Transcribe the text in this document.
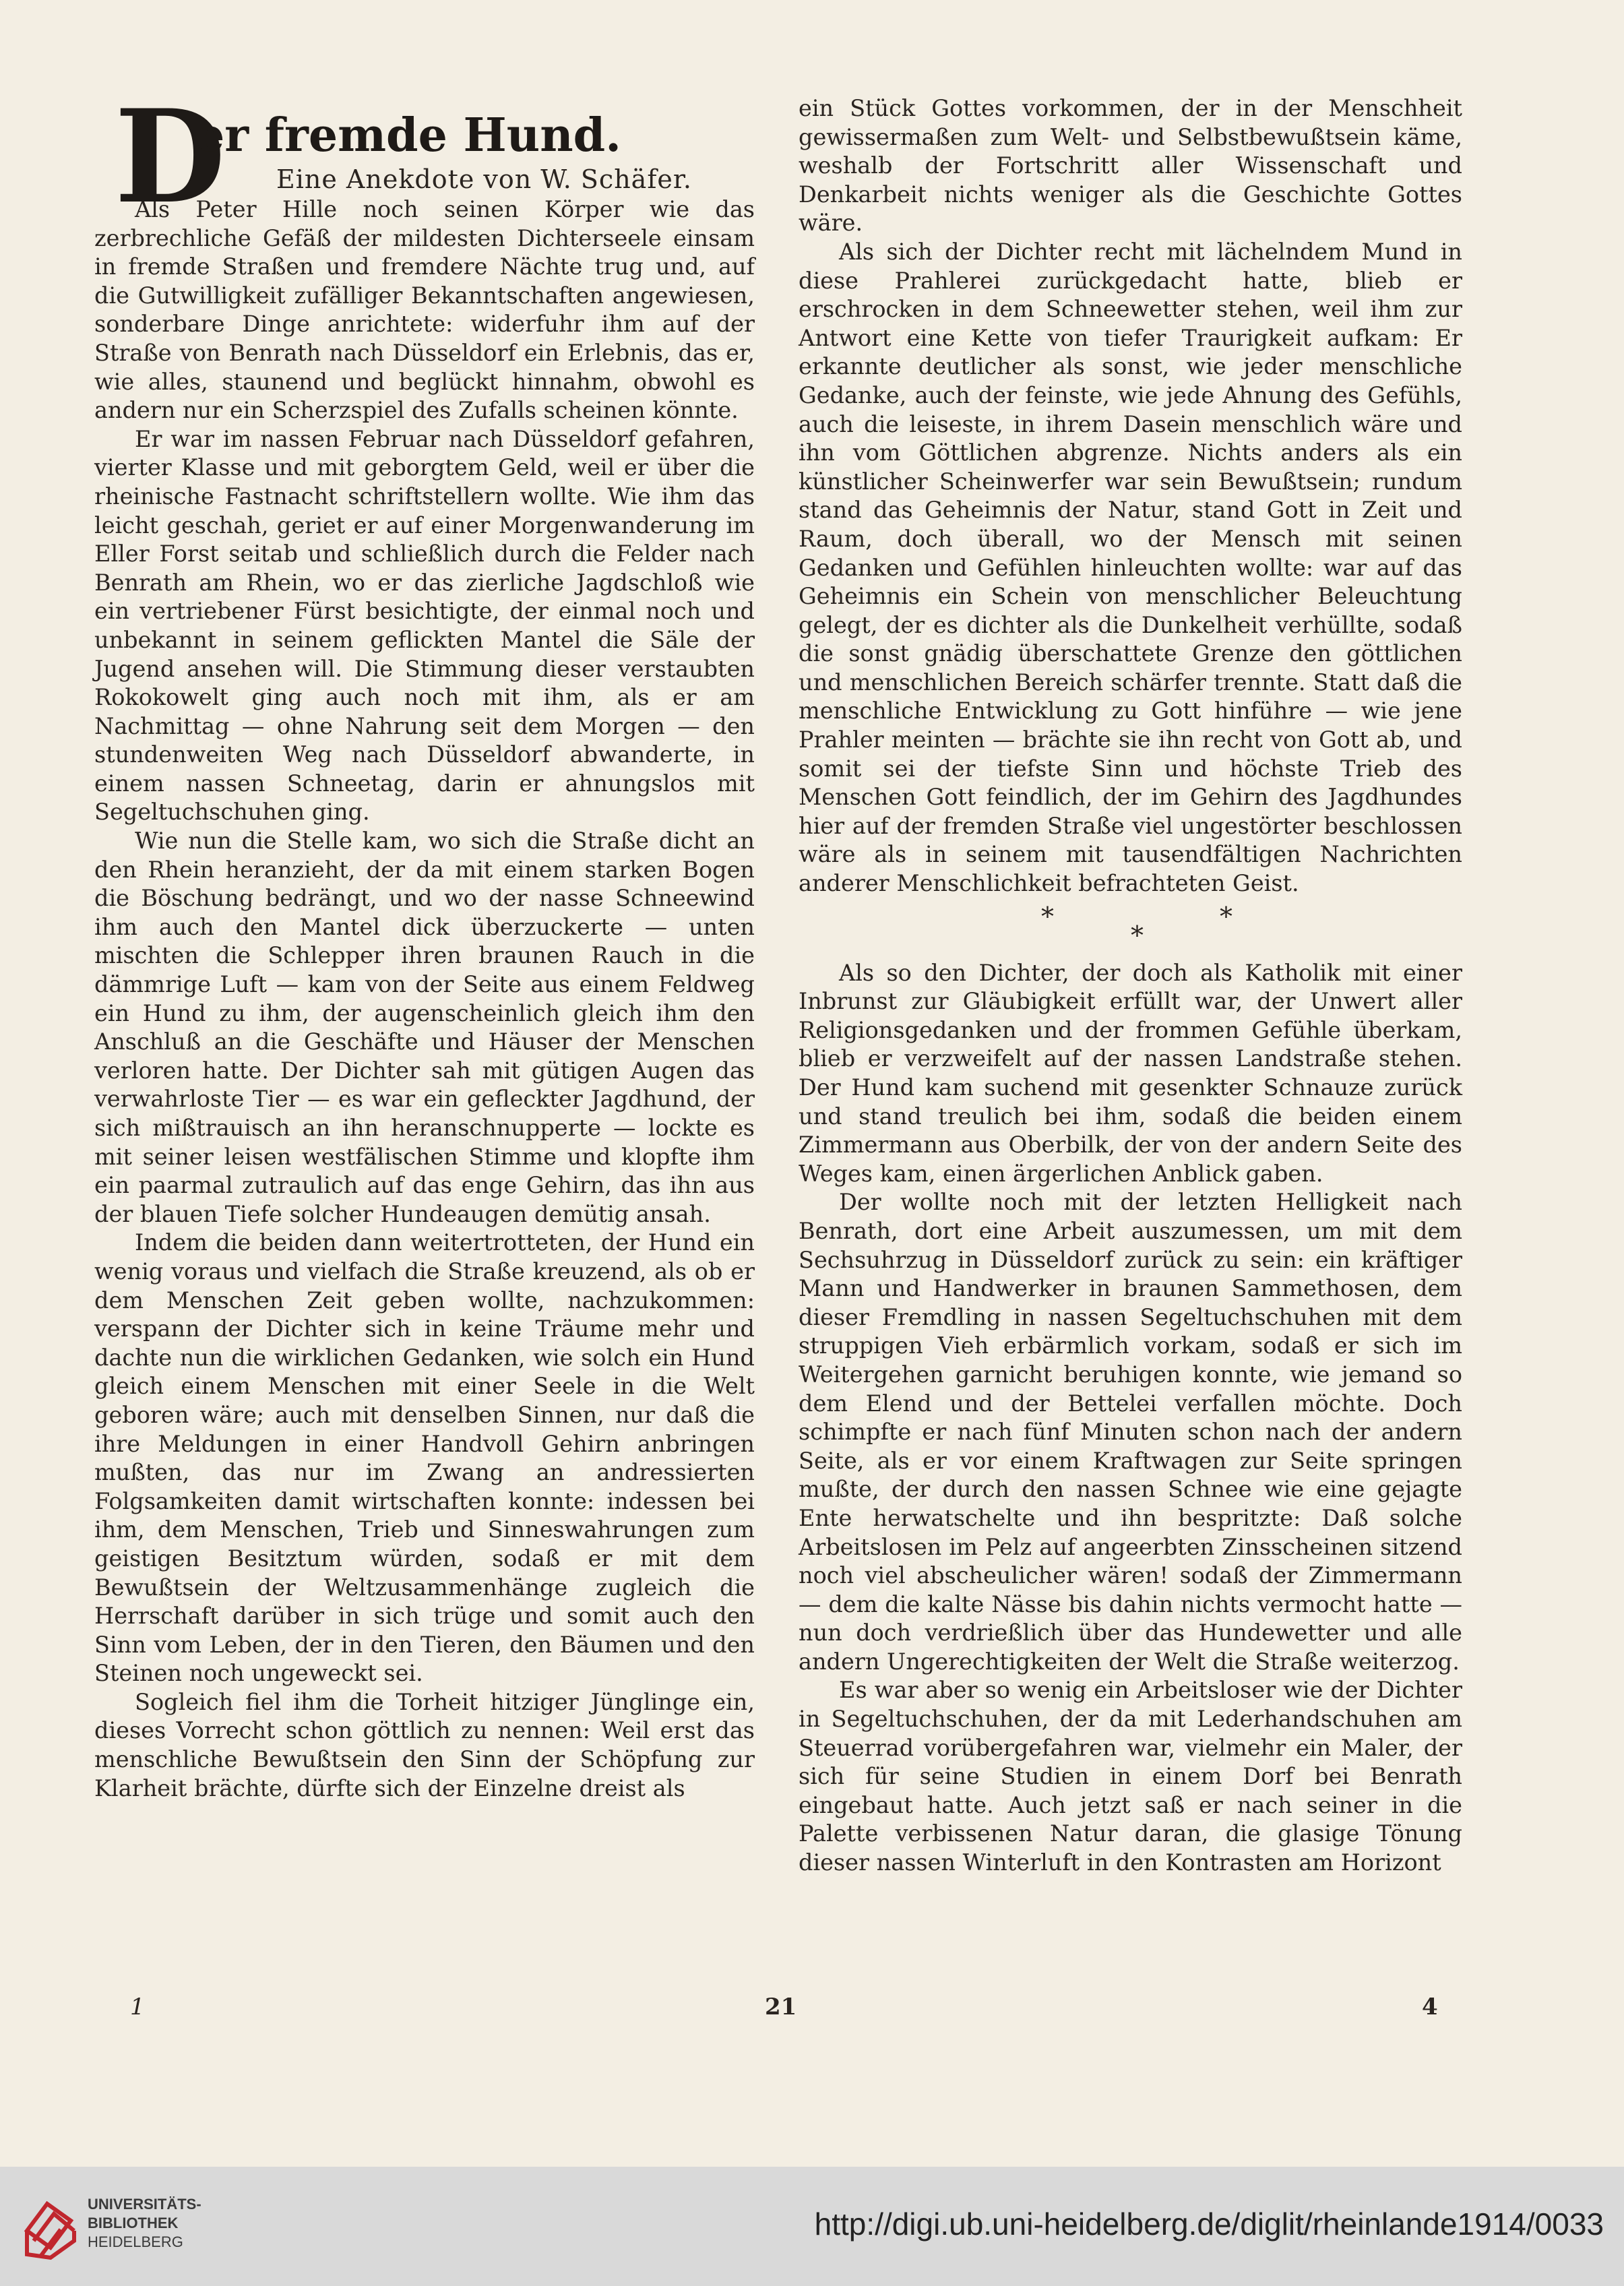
D
er fremde Hund.
Eine Anekdote von W. Schäfer.

Als Peter Hille noch seinen Körper wie das zerbrechliche Gefäß der mildesten Dichterseele einsam in fremde Straßen und fremdere Nächte trug und, auf die Gutwilligkeit zufälliger Bekanntschaften angewiesen, sonderbare Dinge anrichtete: widerfuhr ihm auf der Straße von Benrath nach Düsseldorf ein Erlebnis, das er, wie alles, staunend und beglückt hinnahm, obwohl es andern nur ein Scherzspiel des Zufalls scheinen könnte.

Er war im nassen Februar nach Düsseldorf gefahren, vierter Klasse und mit geborgtem Geld, weil er über die rheinische Fastnacht schriftstellern wollte. Wie ihm das leicht geschah, geriet er auf einer Morgenwanderung im Eller Forst seitab und schließlich durch die Felder nach Benrath am Rhein, wo er das zierliche Jagdschloß wie ein vertriebener Fürst besichtigte, der einmal noch und unbekannt in seinem geflickten Mantel die Säle der Jugend ansehen will. Die Stimmung dieser verstaubten Rokokowelt ging auch noch mit ihm, als er am Nachmittag — ohne Nahrung seit dem Morgen — den stundenweiten Weg nach Düsseldorf abwanderte, in einem nassen Schneetag, darin er ahnungslos mit Segeltuchschuhen ging.

Wie nun die Stelle kam, wo sich die Straße dicht an den Rhein heranzieht, der da mit einem starken Bogen die Böschung bedrängt, und wo der nasse Schneewind ihm auch den Mantel dick überzuckerte — unten mischten die Schlepper ihren braunen Rauch in die dämmrige Luft — kam von der Seite aus einem Feldweg ein Hund zu ihm, der augenscheinlich gleich ihm den Anschluß an die Geschäfte und Häuser der Menschen verloren hatte. Der Dichter sah mit gütigen Augen das verwahrloste Tier — es war ein gefleckter Jagdhund, der sich mißtrauisch an ihn heranschnupperte — lockte es mit seiner leisen westfälischen Stimme und klopfte ihm ein paarmal zutraulich auf das enge Gehirn, das ihn aus der blauen Tiefe solcher Hundeaugen demütig ansah.

Indem die beiden dann weitertrotteten, der Hund ein wenig voraus und vielfach die Straße kreuzend, als ob er dem Menschen Zeit geben wollte, nachzukommen: verspann der Dichter sich in keine Träume mehr und dachte nun die wirklichen Gedanken, wie solch ein Hund gleich einem Menschen mit einer Seele in die Welt geboren wäre; auch mit denselben Sinnen, nur daß die ihre Meldungen in einer Handvoll Gehirn anbringen mußten, das nur im Zwang an andressierten Folgsamkeiten damit wirtschaften konnte: indessen bei ihm, dem Menschen, Trieb und Sinneswahrungen zum geistigen Besitztum würden, sodaß er mit dem Bewußtsein der Weltzusammenhänge zugleich die Herrschaft darüber in sich trüge und somit auch den Sinn vom Leben, der in den Tieren, den Bäumen und den Steinen noch ungeweckt sei.

Sogleich fiel ihm die Torheit hitziger Jünglinge ein, dieses Vorrecht schon göttlich zu nennen: Weil erst das menschliche Bewußtsein den Sinn der Schöpfung zur Klarheit brächte, dürfte sich der Einzelne dreist als

ein Stück Gottes vorkommen, der in der Menschheit gewissermaßen zum Welt- und Selbstbewußtsein käme, weshalb der Fortschritt aller Wissenschaft und Denkarbeit nichts weniger als die Geschichte Gottes wäre.

Als sich der Dichter recht mit lächelndem Mund in diese Prahlerei zurückgedacht hatte, blieb er erschrocken in dem Schneewetter stehen, weil ihm zur Antwort eine Kette von tiefer Traurigkeit aufkam: Er erkannte deutlicher als sonst, wie jeder menschliche Gedanke, auch der feinste, wie jede Ahnung des Gefühls, auch die leiseste, in ihrem Dasein menschlich wäre und ihn vom Göttlichen abgrenze. Nichts anders als ein künstlicher Scheinwerfer war sein Bewußtsein; rundum stand das Geheimnis der Natur, stand Gott in Zeit und Raum, doch überall, wo der Mensch mit seinen Gedanken und Gefühlen hinleuchten wollte: war auf das Geheimnis ein Schein von menschlicher Beleuchtung gelegt, der es dichter als die Dunkelheit verhüllte, sodaß die sonst gnädig überschattete Grenze den göttlichen und menschlichen Bereich schärfer trennte. Statt daß die menschliche Entwicklung zu Gott hinführe — wie jene Prahler meinten — brächte sie ihn recht von Gott ab, und somit sei der tiefste Sinn und höchste Trieb des Menschen Gott feindlich, der im Gehirn des Jagdhundes hier auf der fremden Straße viel ungestörter beschlossen wäre als in seinem mit tausendfältigen Nachrichten anderer Menschlichkeit befrachteten Geist.

*	*
*

Als so den Dichter, der doch als Katholik mit einer Inbrunst zur Gläubigkeit erfüllt war, der Unwert aller Religionsgedanken und der frommen Gefühle überkam, blieb er verzweifelt auf der nassen Landstraße stehen. Der Hund kam suchend mit gesenkter Schnauze zurück und stand treulich bei ihm, sodaß die beiden einem Zimmermann aus Oberbilk, der von der andern Seite des Weges kam, einen ärgerlichen Anblick gaben.

Der wollte noch mit der letzten Helligkeit nach Benrath, dort eine Arbeit auszumessen, um mit dem Sechsuhrzug in Düsseldorf zurück zu sein: ein kräftiger Mann und Handwerker in braunen Sammethosen, dem dieser Fremdling in nassen Segeltuchschuhen mit dem struppigen Vieh erbärmlich vorkam, sodaß er sich im Weitergehen garnicht beruhigen konnte, wie jemand so dem Elend und der Bettelei verfallen möchte. Doch schimpfte er nach fünf Minuten schon nach der andern Seite, als er vor einem Kraftwagen zur Seite springen mußte, der durch den nassen Schnee wie eine gejagte Ente herwatschelte und ihn bespritzte: Daß solche Arbeitslosen im Pelz auf angeerbten Zinsscheinen sitzend noch viel abscheulicher wären! sodaß der Zimmermann — dem die kalte Nässe bis dahin nichts vermocht hatte — nun doch verdrießlich über das Hundewetter und alle andern Ungerechtigkeiten der Welt die Straße weiterzog.

Es war aber so wenig ein Arbeitsloser wie der Dichter in Segeltuchschuhen, der da mit Lederhandschuhen am Steuerrad vorübergefahren war, vielmehr ein Maler, der sich für seine Studien in einem Dorf bei Benrath eingebaut hatte. Auch jetzt saß er nach seiner in die Palette verbissenen Natur daran, die glasige Tönung dieser nassen Winterluft in den Kontrasten am Horizont

1	21	4
UNIVERSITÄTS-
BIBLIOTHEK
HEIDELBERG
http://digi.ub.uni-heidelberg.de/diglit/rheinlande1914/0033
